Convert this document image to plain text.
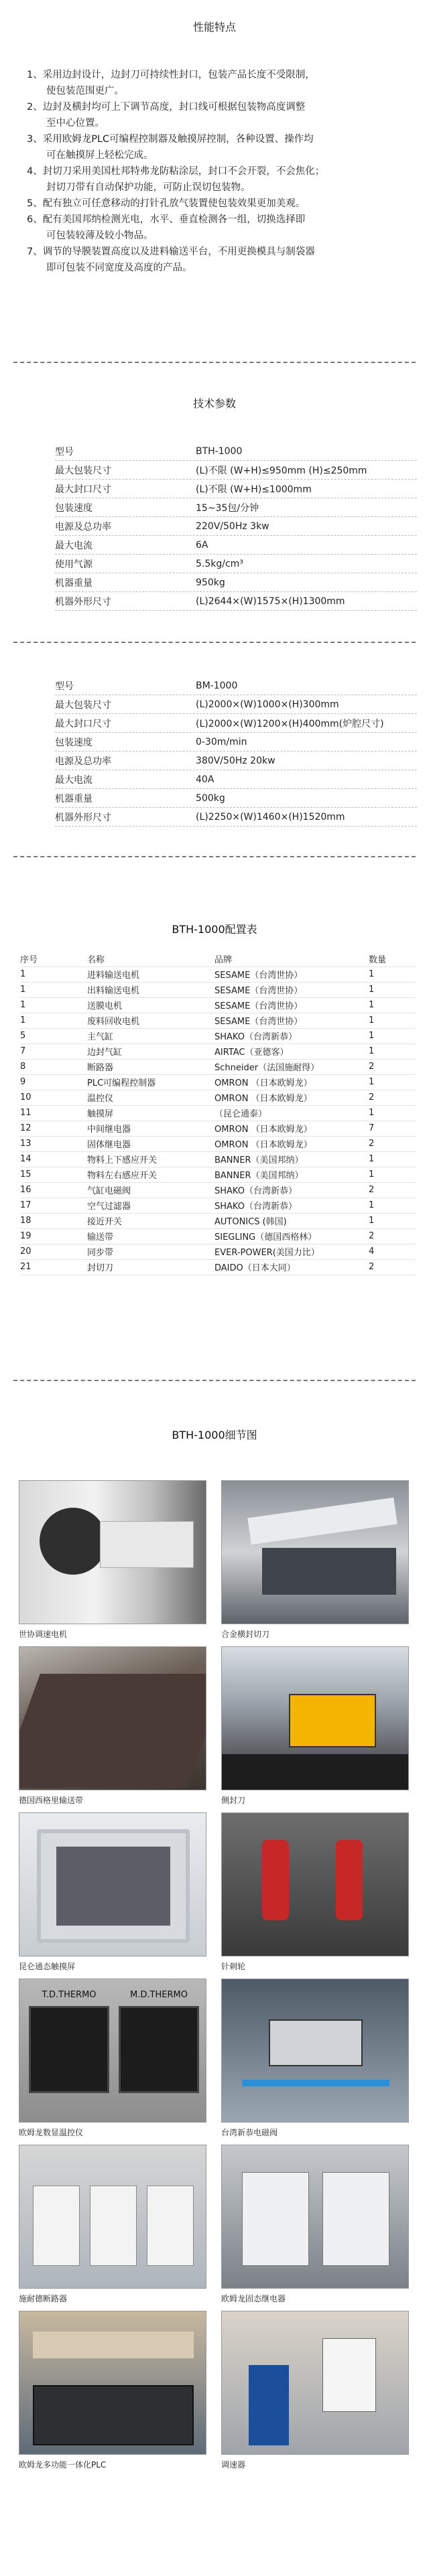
性能特点
1、采用边封设计，边封刀可持续性封口，包装产品长度不受限制，
　　使包装范围更广。
2、边封及横封均可上下调节高度，封口线可根据包装物高度调整
　　至中心位置。
3、采用欧姆龙PLC可编程控制器及触摸屏控制，各种设置、操作均
　　可在触摸屏上轻松完成。
4、封切刀采用美国杜邦特弗龙防粘涂层，封口不会开裂，不会焦化；
　　封切刀带有自动保护功能，可防止误切包装物。
5、配有独立可任意移动的打针孔放气装置使包装效果更加美观。
6、配有美国邦纳检测光电，水平、垂直检测各一组，切换选择即
　　可包装较薄及较小物品。
7、调节的导膜装置高度以及进料输送平台，不用更换模具与制袋器
　　即可包装不同宽度及高度的产品。
技术参数
型号	BTH-1000
最大包装尺寸	(L)不限 (W+H)≤950mm (H)≤250mm
最大封口尺寸	(L)不限 (W+H)≤1000mm
包装速度	15~35包/分钟
电源及总功率	220V/50Hz 3kw
最大电流	6A
使用气源	5.5kg/cm³
机器重量	950kg
机器外形尺寸	(L)2644×(W)1575×(H)1300mm
型号	BM-1000
最大包装尺寸	(L)2000×(W)1000×(H)300mm
最大封口尺寸	(L)2000×(W)1200×(H)400mm(炉腔尺寸)
包装速度	0-30m/min
电源及总功率	380V/50Hz 20kw
最大电流	40A
机器重量	500kg
机器外形尺寸	(L)2250×(W)1460×(H)1520mm
BTH-1000配置表
序号	名称	品牌	数量
1	进料输送电机	SESAME（台湾世协）	1
1	出料输送电机	SESAME（台湾世协）	1
1	送膜电机	SESAME（台湾世协）	1
1	废料回收电机	SESAME（台湾世协）	1
5	主气缸	SHAKO（台湾新恭）	1
7	边封气缸	AIRTAC（亚德客）	1
8	断路器	Schneider（法国施耐得）	2
9	PLC可编程控制器	OMRON （日本欧姆龙）	1
10	温控仪	OMRON （日本欧姆龙）	2
11	触摸屏	（昆仑通泰）	1
12	中间继电器	OMRON （日本欧姆龙）	7
13	固体继电器	OMRON （日本欧姆龙）	2
14	物料上下感应开关	BANNER（美国邦纳）	1
15	物料左右感应开关	BANNER（美国邦纳）	1
16	气缸电磁阀	SHAKO（台湾新恭）	2
17	空气过滤器	SHAKO（台湾新恭）	1
18	接近开关	AUTONICS (韩国)	1
19	输送带	SIEGLING（德国西格林）	2
20	同步带	EVER-POWER(美国力比）	4
21	封切刀	DAIDO（日本大同）	2
BTH-1000细节图
世协调速电机	合金横封切刀
德国西格里输送带	侧封刀
昆仑通态触摸屏	针刺轮
T.D.THERMO	M.D.THERMO
欧姆龙数显温控仪	台湾新恭电磁阀
施耐德断路器	欧姆龙固态继电器
欧姆龙多功能一体化PLC	调速器
